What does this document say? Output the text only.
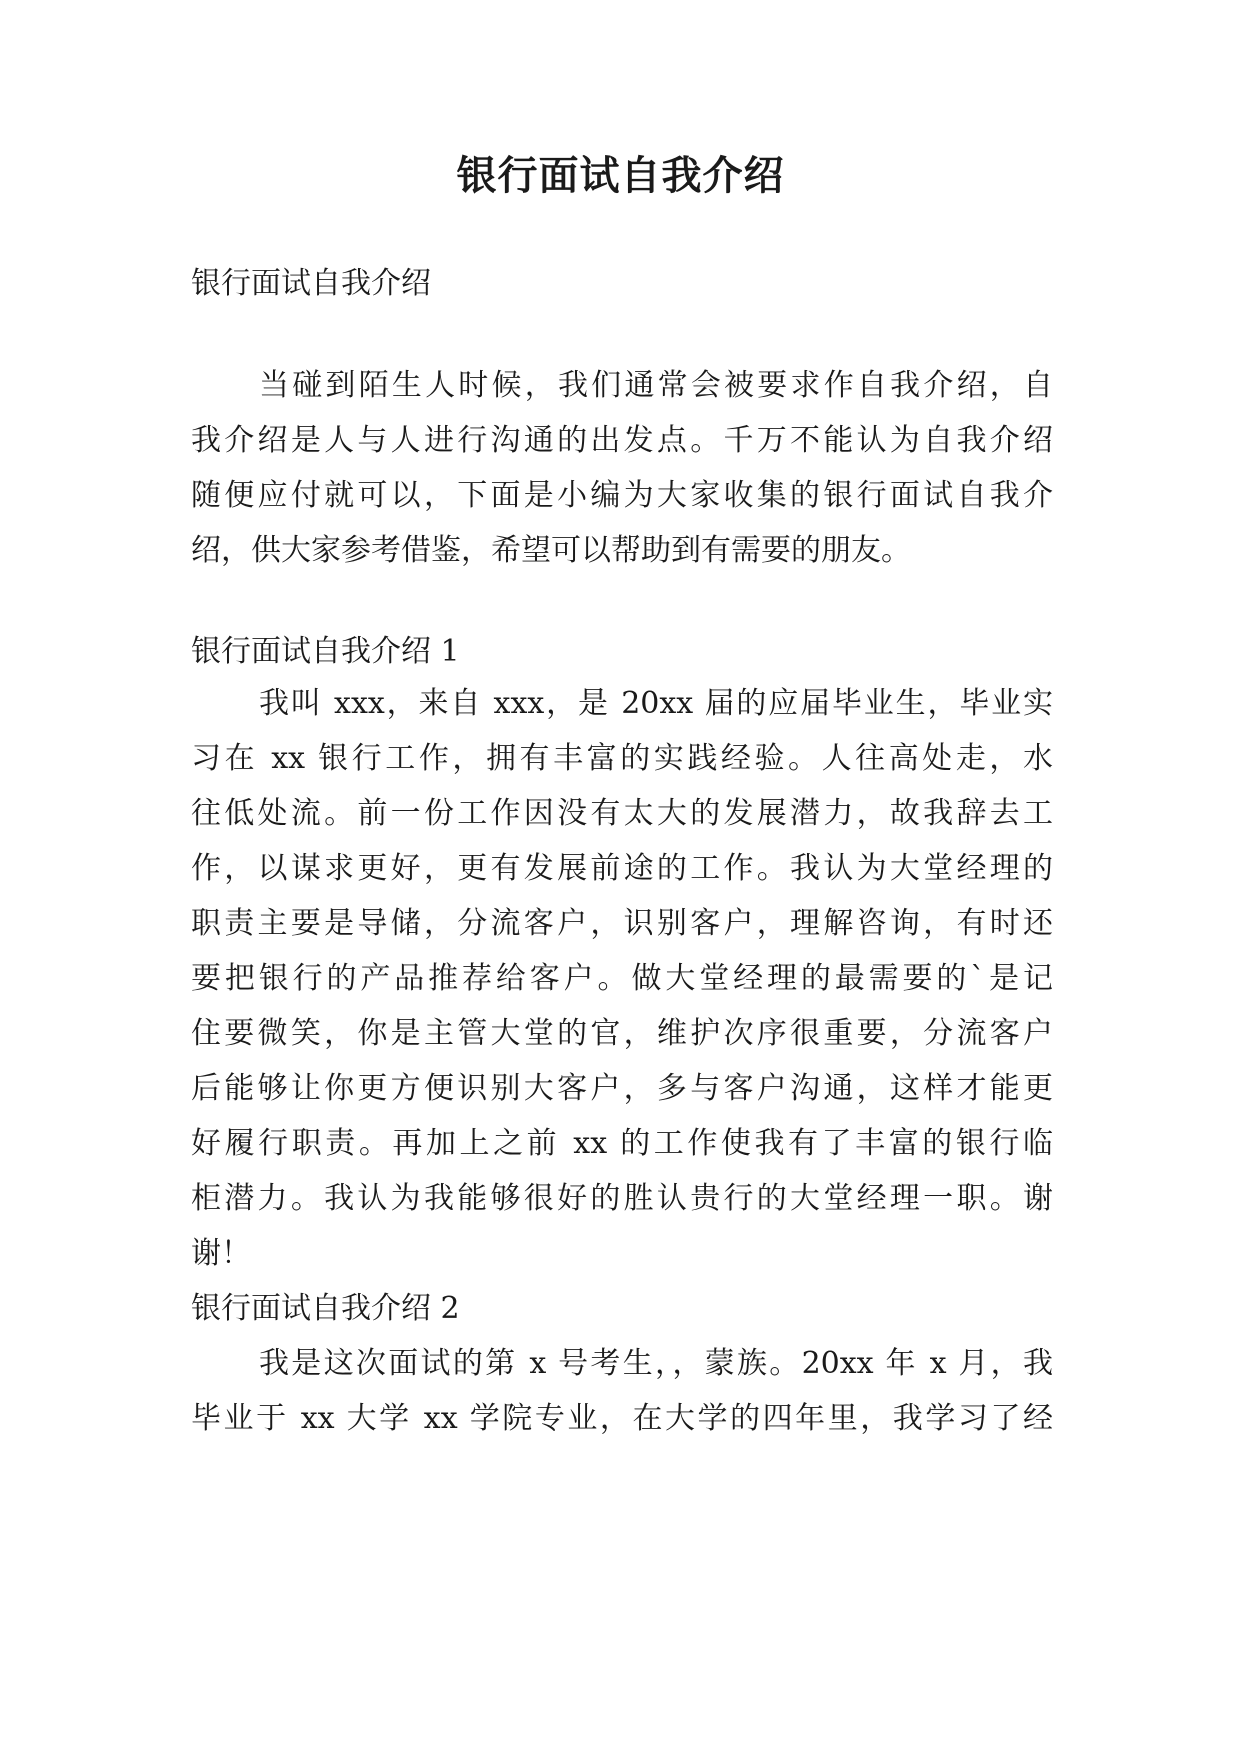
银行面试自我介绍
银行面试自我介绍
当碰到陌生人时候，我们通常会被要求作自我介绍，自
我介绍是人与人进行沟通的出发点。千万不能认为自我介绍
随便应付就可以，下面是小编为大家收集的银行面试自我介
绍，供大家参考借鉴，希望可以帮助到有需要的朋友。
银行面试自我介绍 1
我叫 xxx，来自 xxx，是 20xx 届的应届毕业生，毕业实
习在 xx 银行工作，拥有丰富的实践经验。人往高处走，水
往低处流。前一份工作因没有太大的发展潜力，故我辞去工
作，以谋求更好，更有发展前途的工作。我认为大堂经理的
职责主要是导储，分流客户，识别客户，理解咨询，有时还
要把银行的产品推荐给客户。做大堂经理的最需要的`是记
住要微笑，你是主管大堂的官，维护次序很重要，分流客户
后能够让你更方便识别大客户，多与客户沟通，这样才能更
好履行职责。再加上之前 xx 的工作使我有了丰富的银行临
柜潜力。我认为我能够很好的胜认贵行的大堂经理一职。谢
谢！
银行面试自我介绍 2
我是这次面试的第 x 号考生，，蒙族。20xx 年 x 月，我
毕业于 xx 大学 xx 学院专业，在大学的四年里，我学习了经
